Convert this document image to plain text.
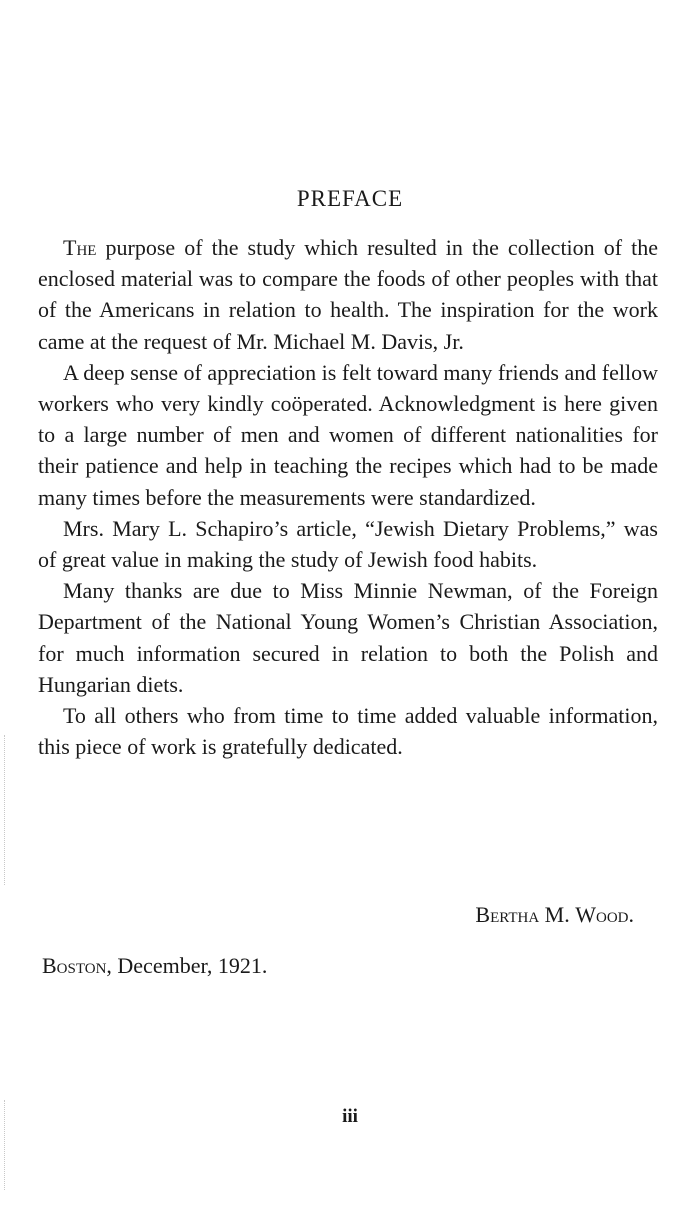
PREFACE

The purpose of the study which resulted in the collection of the enclosed material was to compare the foods of other peoples with that of the Americans in relation to health. The inspiration for the work came at the request of Mr. Michael M. Davis, Jr.

A deep sense of appreciation is felt toward many friends and fellow workers who very kindly coöperated. Acknowledgment is here given to a large number of men and women of different nationalities for their patience and help in teaching the recipes which had to be made many times before the measurements were standardized.

Mrs. Mary L. Schapiro’s article, “Jewish Dietary Problems,” was of great value in making the study of Jewish food habits.

Many thanks are due to Miss Minnie Newman, of the Foreign Department of the National Young Women’s Christian Association, for much information secured in relation to both the Polish and Hungarian diets.

To all others who from time to time added valuable information, this piece of work is gratefully dedicated.

Bertha M. Wood.
Boston, December, 1921.
iii
